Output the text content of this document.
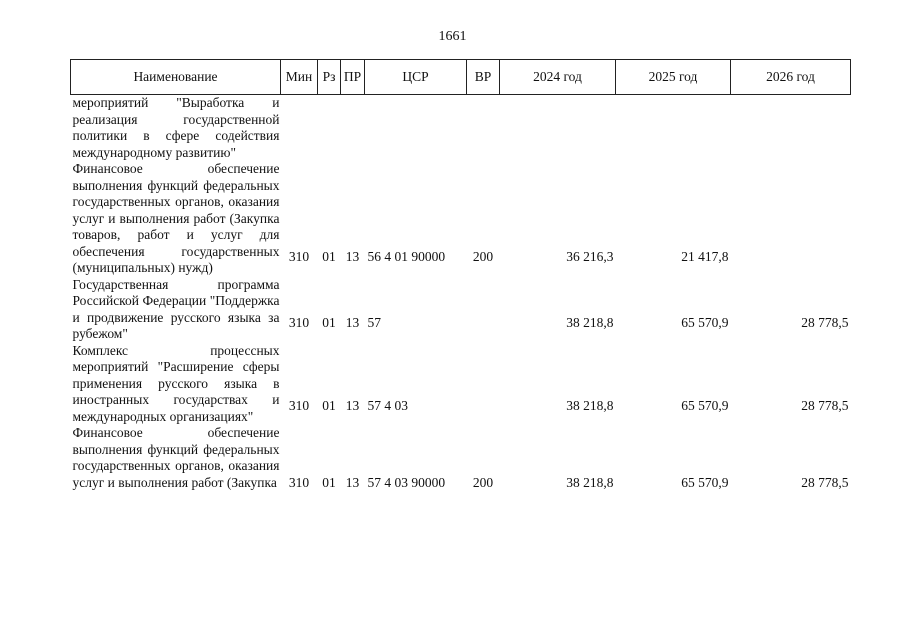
1661
Наименование	Мин	Рз	ПР	ЦСР	ВР	2024 год	2025 год	2026 год
мероприятий "Выработка и реализация государственной политики в сфере содействия международному развитию"								
Финансовое обеспечение выполнения функций федеральных государственных органов, оказания услуг и выполнения работ (Закупка товаров, работ и услуг для обеспечения государственных (муниципальных) нужд)	310	01	13	56 4 01 90000	200	36 216,3	21 417,8	
Государственная программа Российской Федерации "Поддержка и продвижение русского языка за рубежом"	310	01	13	57		38 218,8	65 570,9	28 778,5
Комплекс процессных мероприятий "Расширение сферы применения русского языка в иностранных государствах и международных организациях"	310	01	13	57 4 03		38 218,8	65 570,9	28 778,5
Финансовое обеспечение выполнения функций федеральных государственных органов, оказания услуг и выполнения работ (Закупка	310	01	13	57 4 03 90000	200	38 218,8	65 570,9	28 778,5
